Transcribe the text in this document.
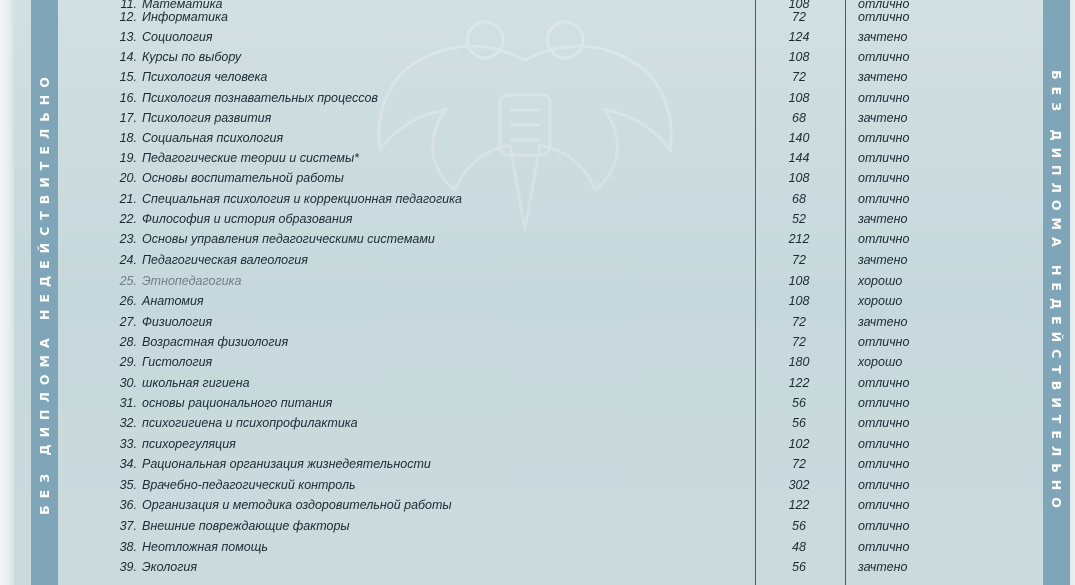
БЕЗ ДИПЛОМА НЕДЕЙСТВИТЕЛЬНО	БЕЗ ДИПЛОМА НЕДЕЙСТВИТЕЛЬНО
11. Математика	108	отлично
12. Информатика	72	отлично
13. Социология	124	зачтено
14. Курсы по выбору	108	отлично
15. Психология человека	72	зачтено
16. Психология познавательных процессов	108	отлично
17. Психология развития	68	зачтено
18. Социальная психология	140	отлично
19. Педагогические теории и системы*	144	отлично
20. Основы воспитательной работы	108	отлично
21. Специальная психология и коррекционная педагогика	68	отлично
22. Философия и история образования	52	зачтено
23. Основы управления педагогическими системами	212	отлично
24. Педагогическая валеология	72	зачтено
25. Этнопедагогика	108	хорошо
26. Анатомия	108	хорошо
27. Физиология	72	зачтено
28. Возрастная физиология	72	отлично
29. Гистология	180	хорошо
30. школьная гигиена	122	отлично
31. основы рационального питания	56	отлично
32. психогигиена и психопрофилактика	56	отлично
33. психорегуляция	102	отлично
34. Рациональная организация жизнедеятельности	72	отлично
35. Врачебно-педагогический контроль	302	отлично
36. Организация и методика оздоровительной работы	122	отлично
37. Внешние повреждающие факторы	56	отлично
38. Неотложная помощь	48	отлично
39. Экология	56	зачтено
